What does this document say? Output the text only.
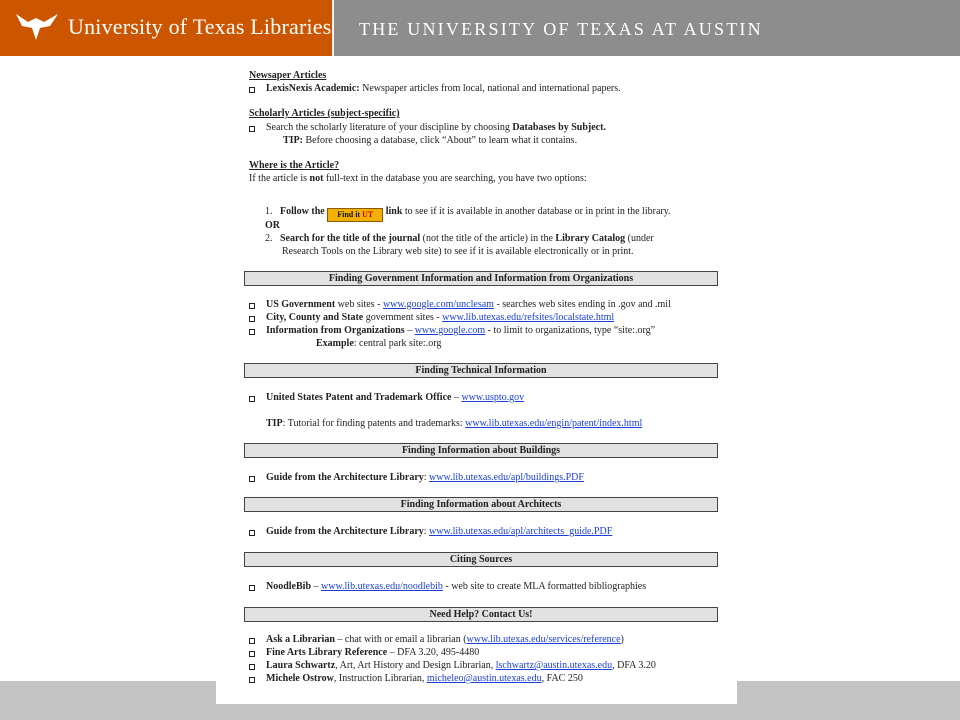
University of Texas Libraries THE UNIVERSITY OF TEXAS AT AUSTIN
Newsaper Articles
LexisNexis Academic: Newspaper articles from local, national and international papers.
Scholarly Articles (subject-specific)
Search the scholarly literature of your discipline by choosing Databases by Subject.
TIP: Before choosing a database, click “About” to learn what it contains.
Where is the Article?
If the article is not full-text in the database you are searching, you have two options:
1. Follow the Find it UT link to see if it is available in another database or in print in the library.
OR
2. Search for the title of the journal (not the title of the article) in the Library Catalog (under
Research Tools on the Library web site) to see if it is available electronically or in print.
Finding Government Information and Information from Organizations
US Government web sites - www.google.com/unclesam - searches web sites ending in .gov and .mil
City, County and State government sites - www.lib.utexas.edu/refsites/localstate.html
Information from Organizations – www.google.com - to limit to organizations, type “site:.org”
Example: central park site:.org
Finding Technical Information
United States Patent and Trademark Office – www.uspto.gov
TIP: Tutorial for finding patents and trademarks: www.lib.utexas.edu/engin/patent/index.html
Finding Information about Buildings
Guide from the Architecture Library: www.lib.utexas.edu/apl/buildings.PDF
Finding Information about Architects
Guide from the Architecture Library: www.lib.utexas.edu/apl/architects_guide.PDF
Citing Sources
NoodleBib – www.lib.utexas.edu/noodlebib - web site to create MLA formatted bibliographies
Need Help? Contact Us!
Ask a Librarian – chat with or email a librarian (www.lib.utexas.edu/services/reference)
Fine Arts Library Reference – DFA 3.20, 495-4480
Laura Schwartz, Art, Art History and Design Librarian, lschwartz@austin.utexas.edu, DFA 3.20
Michele Ostrow, Instruction Librarian, micheleo@austin.utexas.edu, FAC 250
